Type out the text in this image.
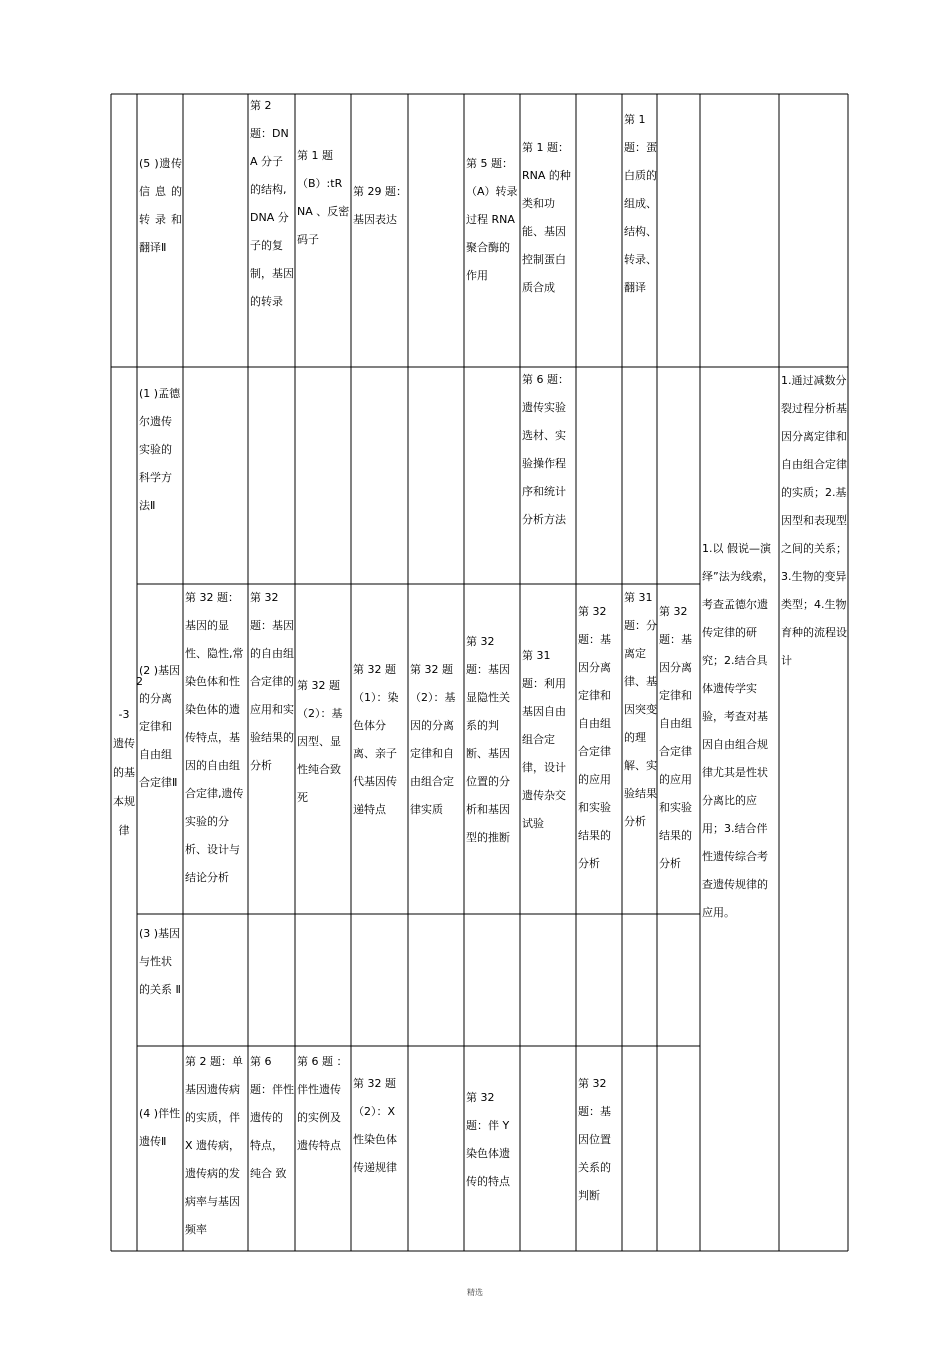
(5 )遗传信息的转录和翻译Ⅱ
第 2 题：DNA 分子的结构, DNA 分子的复制，基因的转录
第 1 题（B）:tRNA 、反密码子
第 29 题：基因表达
第 5 题：（A）转录过程 RNA 聚合酶的作用
第 1 题： RNA 的种类和功能、基因控制蛋白质合成
第 1 题：蛋白质的组成、结构、转录、翻译
(1 )孟德尔遗传实验的科学方法Ⅱ
第 6 题：遗传实验选材、实验操作程序和统计分析方法
(2 )基因的分离定律和自由组合定律Ⅱ
第 32 题：基因的显性、隐性,常染色体和性染色体的遗传特点，基因的自由组合定律,遗传实验的分析、设计与结论分析
第 32 题：基因的自由组合定律的应用和实验结果的分析
第 32 题（2）：基因型、显性纯合致死
第 32 题（1）：染色体分离、亲子代基因传递特点
第 32 题（2）：基因的分离定律和自由组合定律实质
第 32 题：基因显隐性关系的判断、基因位置的分析和基因型的推断
第 31 题：利用基因自由组合定律，设计遗传杂交试验
第 32 题：基因分离定律和自由组合定律的应用和实验结果的分析
第 31 题：分离定律、基因突变的理解、实验结果分析
第 32 题：基因分离定律和自由组合定律的应用和实验结果的分析
(3 )基因与性状的关系 Ⅱ
(4 )伴性遗传Ⅱ
第 2 题：单基因遗传病的实质，伴 X 遗传病，遗传病的发病率与基因频率
第 6 题：伴性遗传的 特点， 纯合 致
第 6 题 ：伴性遗传的实例及遗传特点
第 32 题（2）：X 性染色体传递规律
第 32 题：伴 Y 染色体遗传的特点
第 32 题：基因位置关系的判断
2
-3 遗传的基本规律
1.以 假说—演绎”法为线索，考查孟德尔遗传定律的研究；2.结合具体遗传学实验，考查对基因自由组合规律尤其是性状分离比的应用；3.结合伴性遗传综合考查遗传规律的应用。
1.通过减数分裂过程分析基因分离定律和自由组合定律的实质；2.基因型和表现型之间的关系；3.生物的变异类型；4.生物育种的流程设计
精选
